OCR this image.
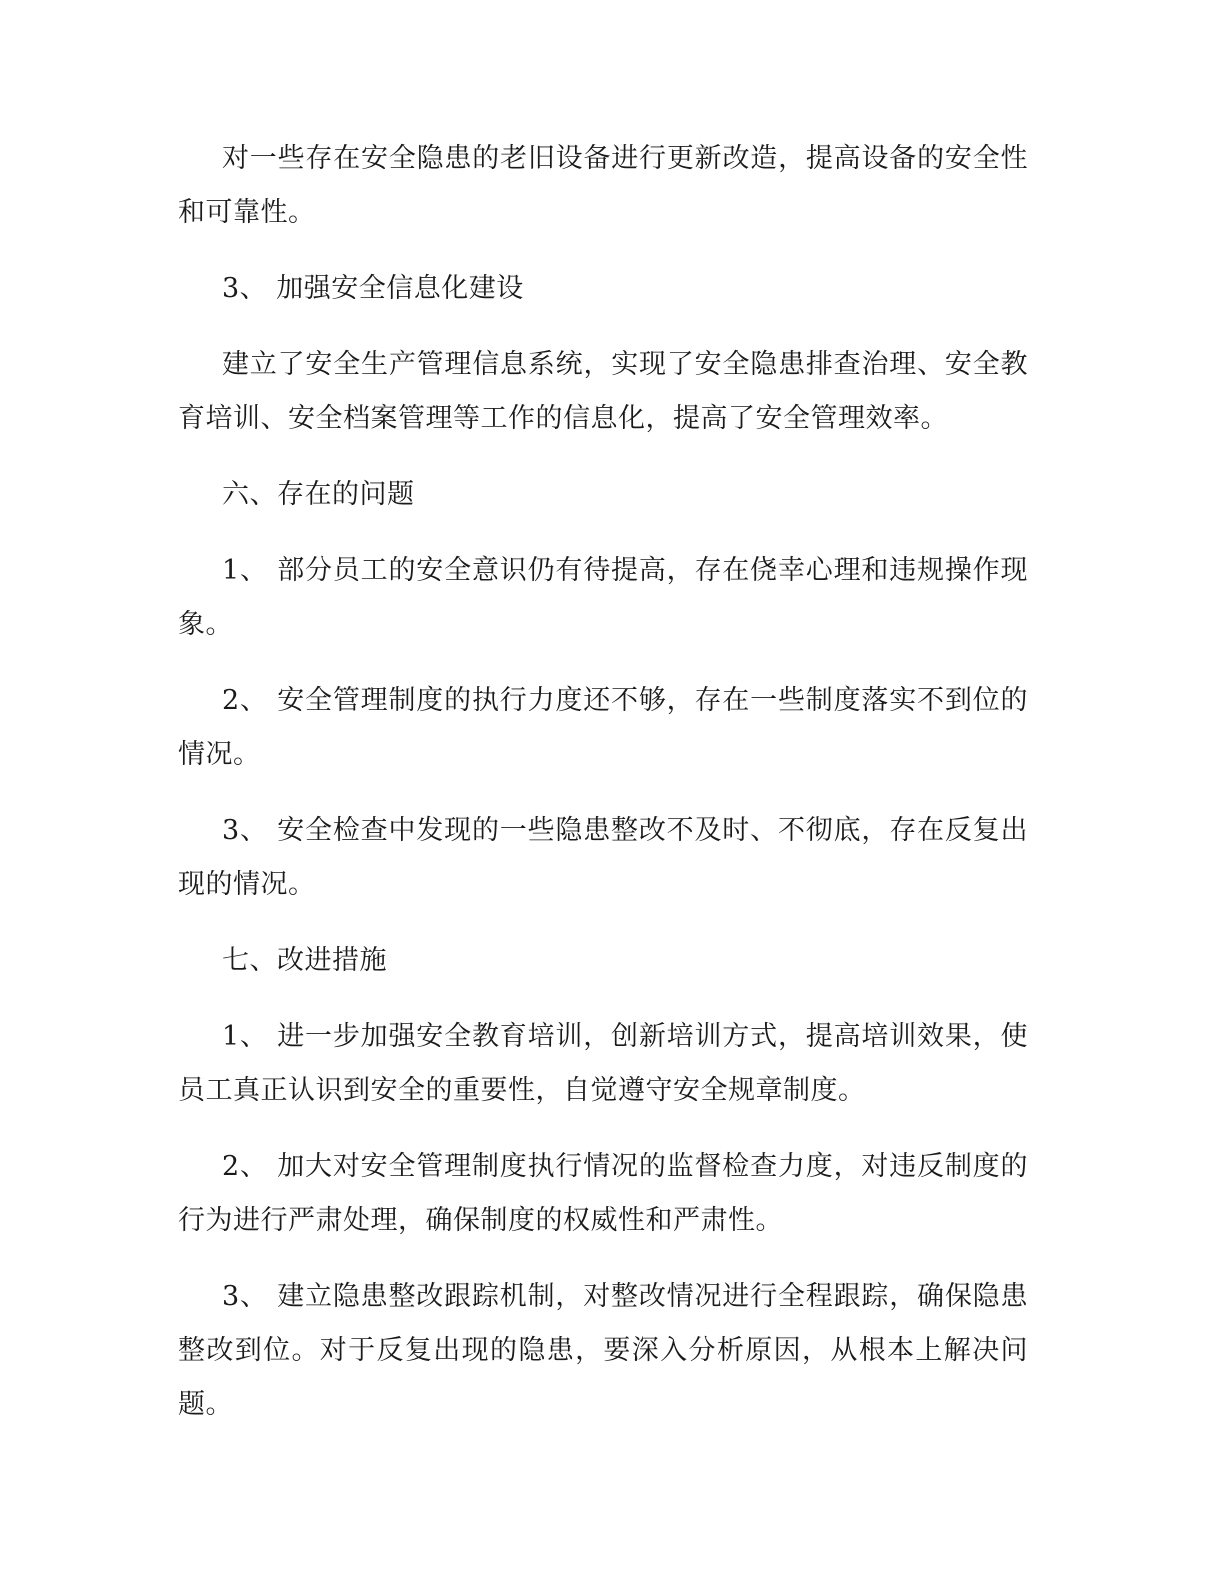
对一些存在安全隐患的老旧设备进行更新改造，提高设备的安全性和可靠性。

3、 加强安全信息化建设

建立了安全生产管理信息系统，实现了安全隐患排查治理、安全教育培训、安全档案管理等工作的信息化，提高了安全管理效率。

六、存在的问题

1、 部分员工的安全意识仍有待提高，存在侥幸心理和违规操作现象。

2、 安全管理制度的执行力度还不够，存在一些制度落实不到位的情况。

3、 安全检查中发现的一些隐患整改不及时、不彻底，存在反复出现的情况。

七、改进措施

1、 进一步加强安全教育培训，创新培训方式，提高培训效果，使员工真正认识到安全的重要性，自觉遵守安全规章制度。

2、 加大对安全管理制度执行情况的监督检查力度，对违反制度的行为进行严肃处理，确保制度的权威性和严肃性。

3、 建立隐患整改跟踪机制，对整改情况进行全程跟踪，确保隐患整改到位。对于反复出现的隐患，要深入分析原因，从根本上解决问题。
